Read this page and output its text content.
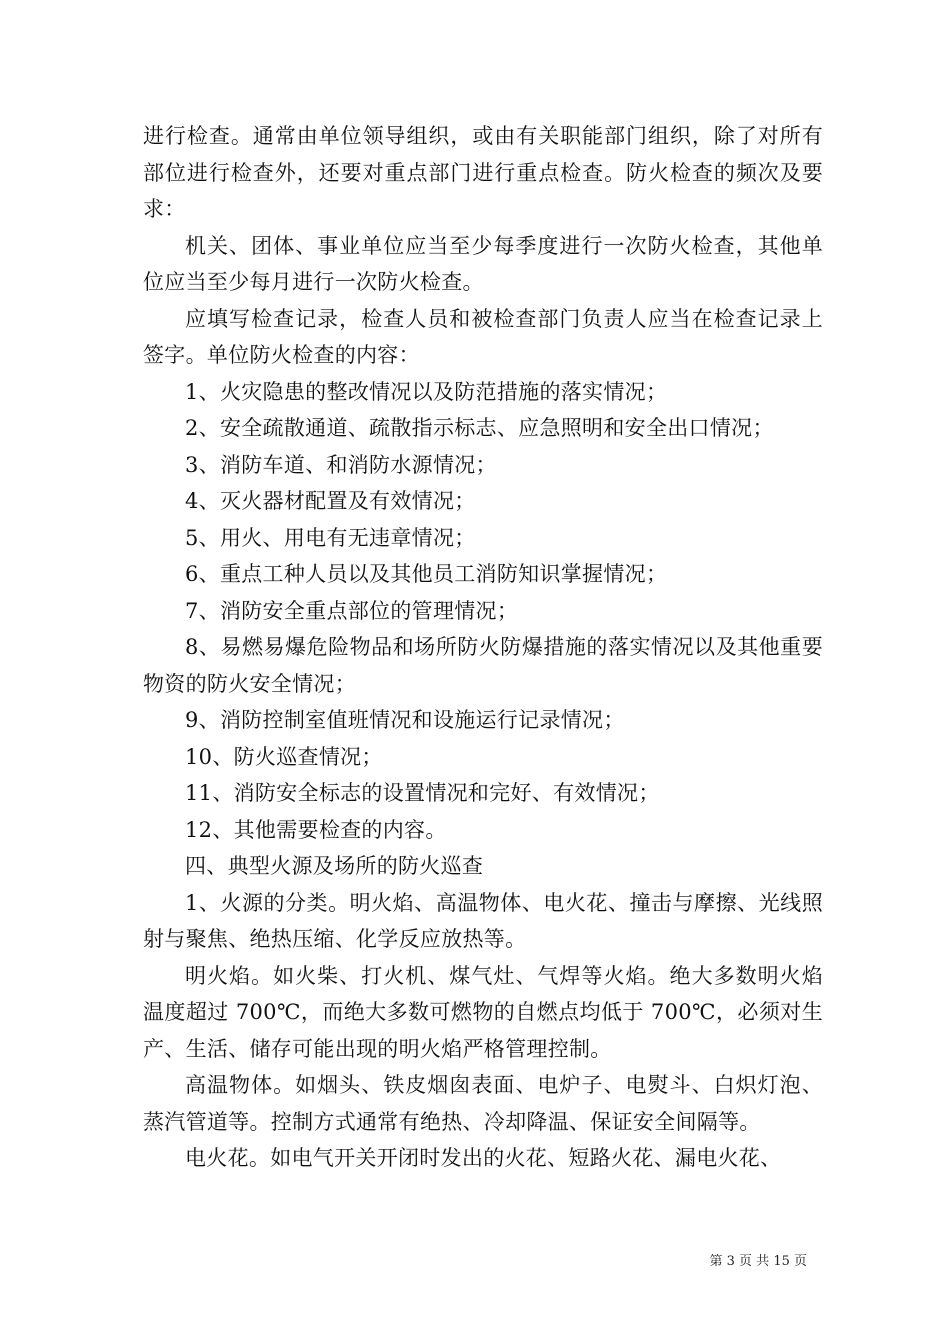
进行检查。通常由单位领导组织，或由有关职能部门组织，除了对所有部位进行检查外，还要对重点部门进行重点检查。防火检查的频次及要求：

机关、团体、事业单位应当至少每季度进行一次防火检查，其他单位应当至少每月进行一次防火检查。

应填写检查记录，检查人员和被检查部门负责人应当在检查记录上签字。单位防火检查的内容：

1、火灾隐患的整改情况以及防范措施的落实情况；

2、安全疏散通道、疏散指示标志、应急照明和安全出口情况；

3、消防车道、和消防水源情况；

4、灭火器材配置及有效情况；

5、用火、用电有无违章情况；

6、重点工种人员以及其他员工消防知识掌握情况；

7、消防安全重点部位的管理情况；

8、易燃易爆危险物品和场所防火防爆措施的落实情况以及其他重要物资的防火安全情况；

9、消防控制室值班情况和设施运行记录情况；

10、防火巡查情况；

11、消防安全标志的设置情况和完好、有效情况；

12、其他需要检查的内容。

四、典型火源及场所的防火巡查

1、火源的分类。明火焰、高温物体、电火花、撞击与摩擦、光线照射与聚焦、绝热压缩、化学反应放热等。

明火焰。如火柴、打火机、煤气灶、气焊等火焰。绝大多数明火焰温度超过 700℃，而绝大多数可燃物的自燃点均低于 700℃，必须对生产、生活、储存可能出现的明火焰严格管理控制。

高温物体。如烟头、铁皮烟囱表面、电炉子、电熨斗、白炽灯泡、蒸汽管道等。控制方式通常有绝热、冷却降温、保证安全间隔等。

电火花。如电气开关开闭时发出的火花、短路火花、漏电火花、

第 3 页 共 15 页
